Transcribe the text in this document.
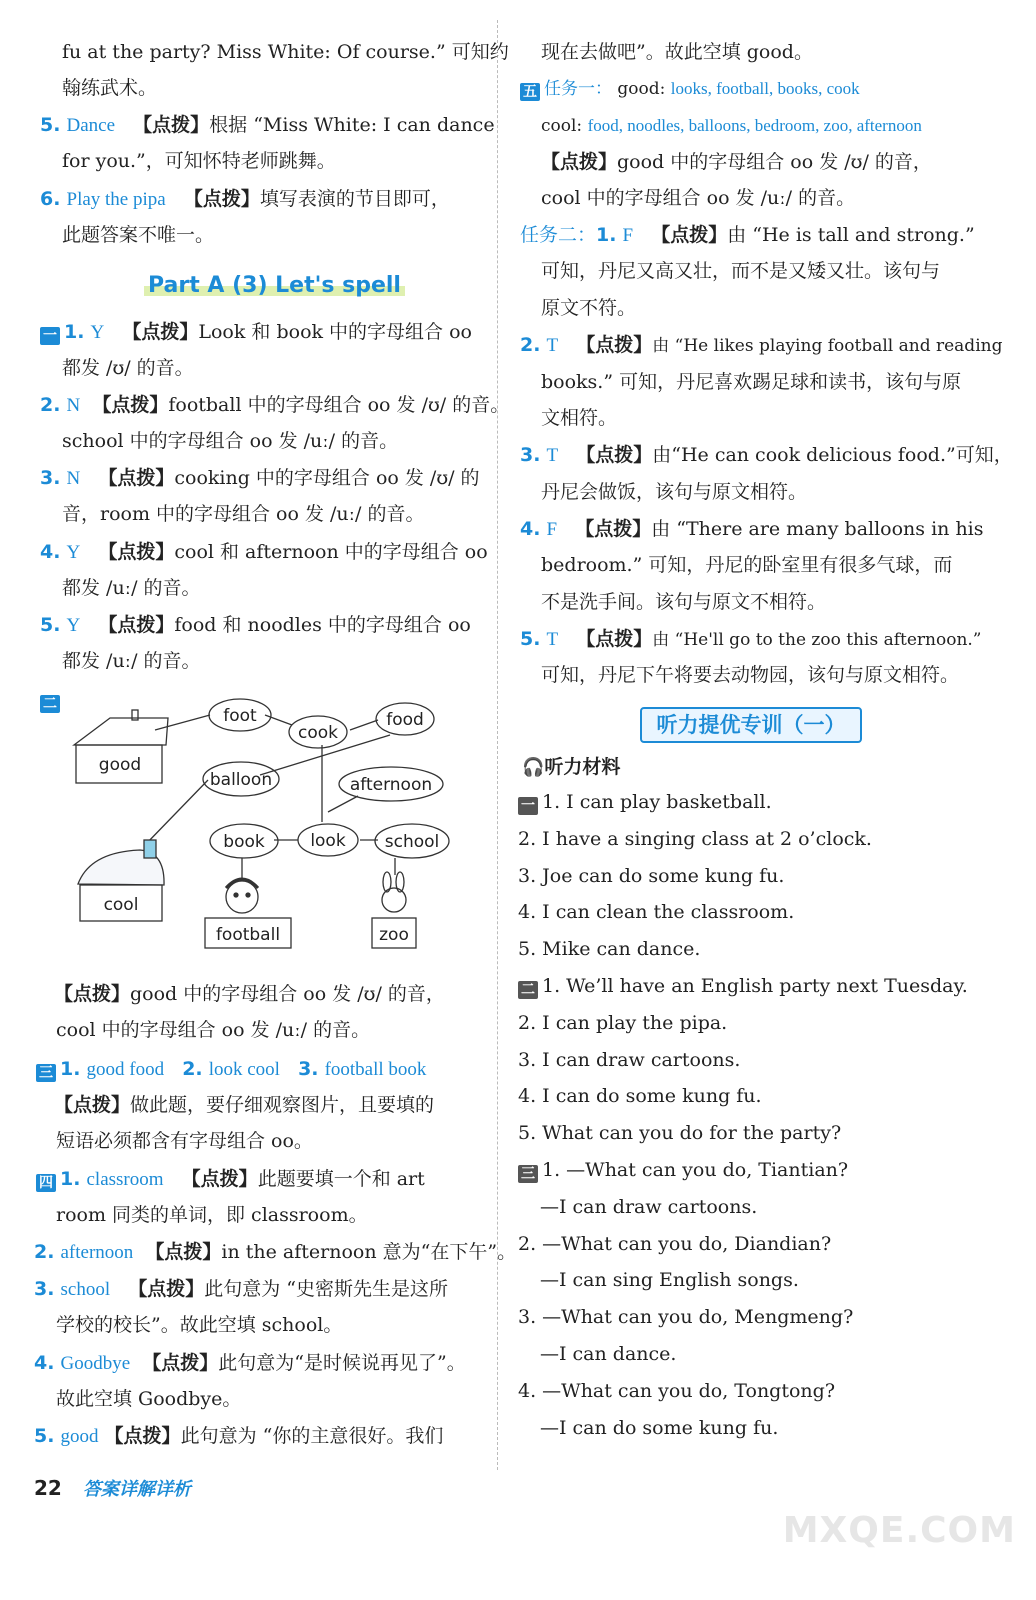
fu at the party? Miss White: Of course.” 可知约
翰练武术。
5. Dance 【点拨】根据 “Miss White: I can dance
for you.”，可知怀特老师跳舞。
6. Play the pipa 【点拨】填写表演的节目即可，
此题答案不唯一。
Part A (3) Let's spell
一 1. Y 【点拨】Look 和 book 中的字母组合 oo
都发 /ʊ/ 的音。
2. N 【点拨】football 中的字母组合 oo 发 /ʊ/ 的音。
school 中的字母组合 oo 发 /uː/ 的音。
3. N 【点拨】cooking 中的字母组合 oo 发 /ʊ/ 的
音，room 中的字母组合 oo 发 /uː/ 的音。
4. Y 【点拨】cool 和 afternoon 中的字母组合 oo
都发 /uː/ 的音。
5. Y 【点拨】food 和 noodles 中的字母组合 oo
都发 /uː/ 的音。
二
foot
cook
food
balloon	afternoon
book	look school
good
cool
football	zoo
【点拨】good 中的字母组合 oo 发 /ʊ/ 的音，
cool 中的字母组合 oo 发 /uː/ 的音。
三 1. good food 2. look cool 3. football book
【点拨】做此题，要仔细观察图片，且要填的
短语必须都含有字母组合 oo。
四 1. classroom 【点拨】此题要填一个和 art
room 同类的单词，即 classroom。
2. afternoon 【点拨】in the afternoon 意为“在下午”。
3. school 【点拨】此句意为 “史密斯先生是这所
学校的校长”。故此空填 school。
4. Goodbye 【点拨】此句意为“是时候说再见了”。
故此空填 Goodbye。
5. good 【点拨】此句意为 “你的主意很好。我们
现在去做吧”。故此空填 good。
五 任务一： good: looks, football, books, cook
cool: food, noodles, balloons, bedroom, zoo, afternoon
【点拨】good 中的字母组合 oo 发 /ʊ/ 的音，
cool 中的字母组合 oo 发 /uː/ 的音。
任务二：1. F 【点拨】由 “He is tall and strong.”
可知，丹尼又高又壮，而不是又矮又壮。该句与
原文不符。
2. T 【点拨】由 “He likes playing football and reading
books.” 可知，丹尼喜欢踢足球和读书，该句与原
文相符。
3. T 【点拨】由“He can cook delicious food.”可知，
丹尼会做饭，该句与原文相符。
4. F 【点拨】由 “There are many balloons in his
bedroom.” 可知，丹尼的卧室里有很多气球，而
不是洗手间。该句与原文不相符。
5. T 【点拨】由 “He'll go to the zoo this afternoon.”
可知，丹尼下午将要去动物园，该句与原文相符。
听力提优专训（一）
🎧听力材料
一 1. I can play basketball.
2. I have a singing class at 2 o’clock.
3. Joe can do some kung fu.
4. I can clean the classroom.
5. Mike can dance.
二 1. We’ll have an English party next Tuesday.
2. I can play the pipa.
3. I can draw cartoons.
4. I can do some kung fu.
5. What can you do for the party?
三 1. —What can you do, Tiantian?
—I can draw cartoons.
2. —What can you do, Diandian?
—I can sing English songs.
3. —What can you do, Mengmeng?
—I can dance.
4. —What can you do, Tongtong?
—I can do some kung fu.
22 答案详解详析
MXQE.COM
